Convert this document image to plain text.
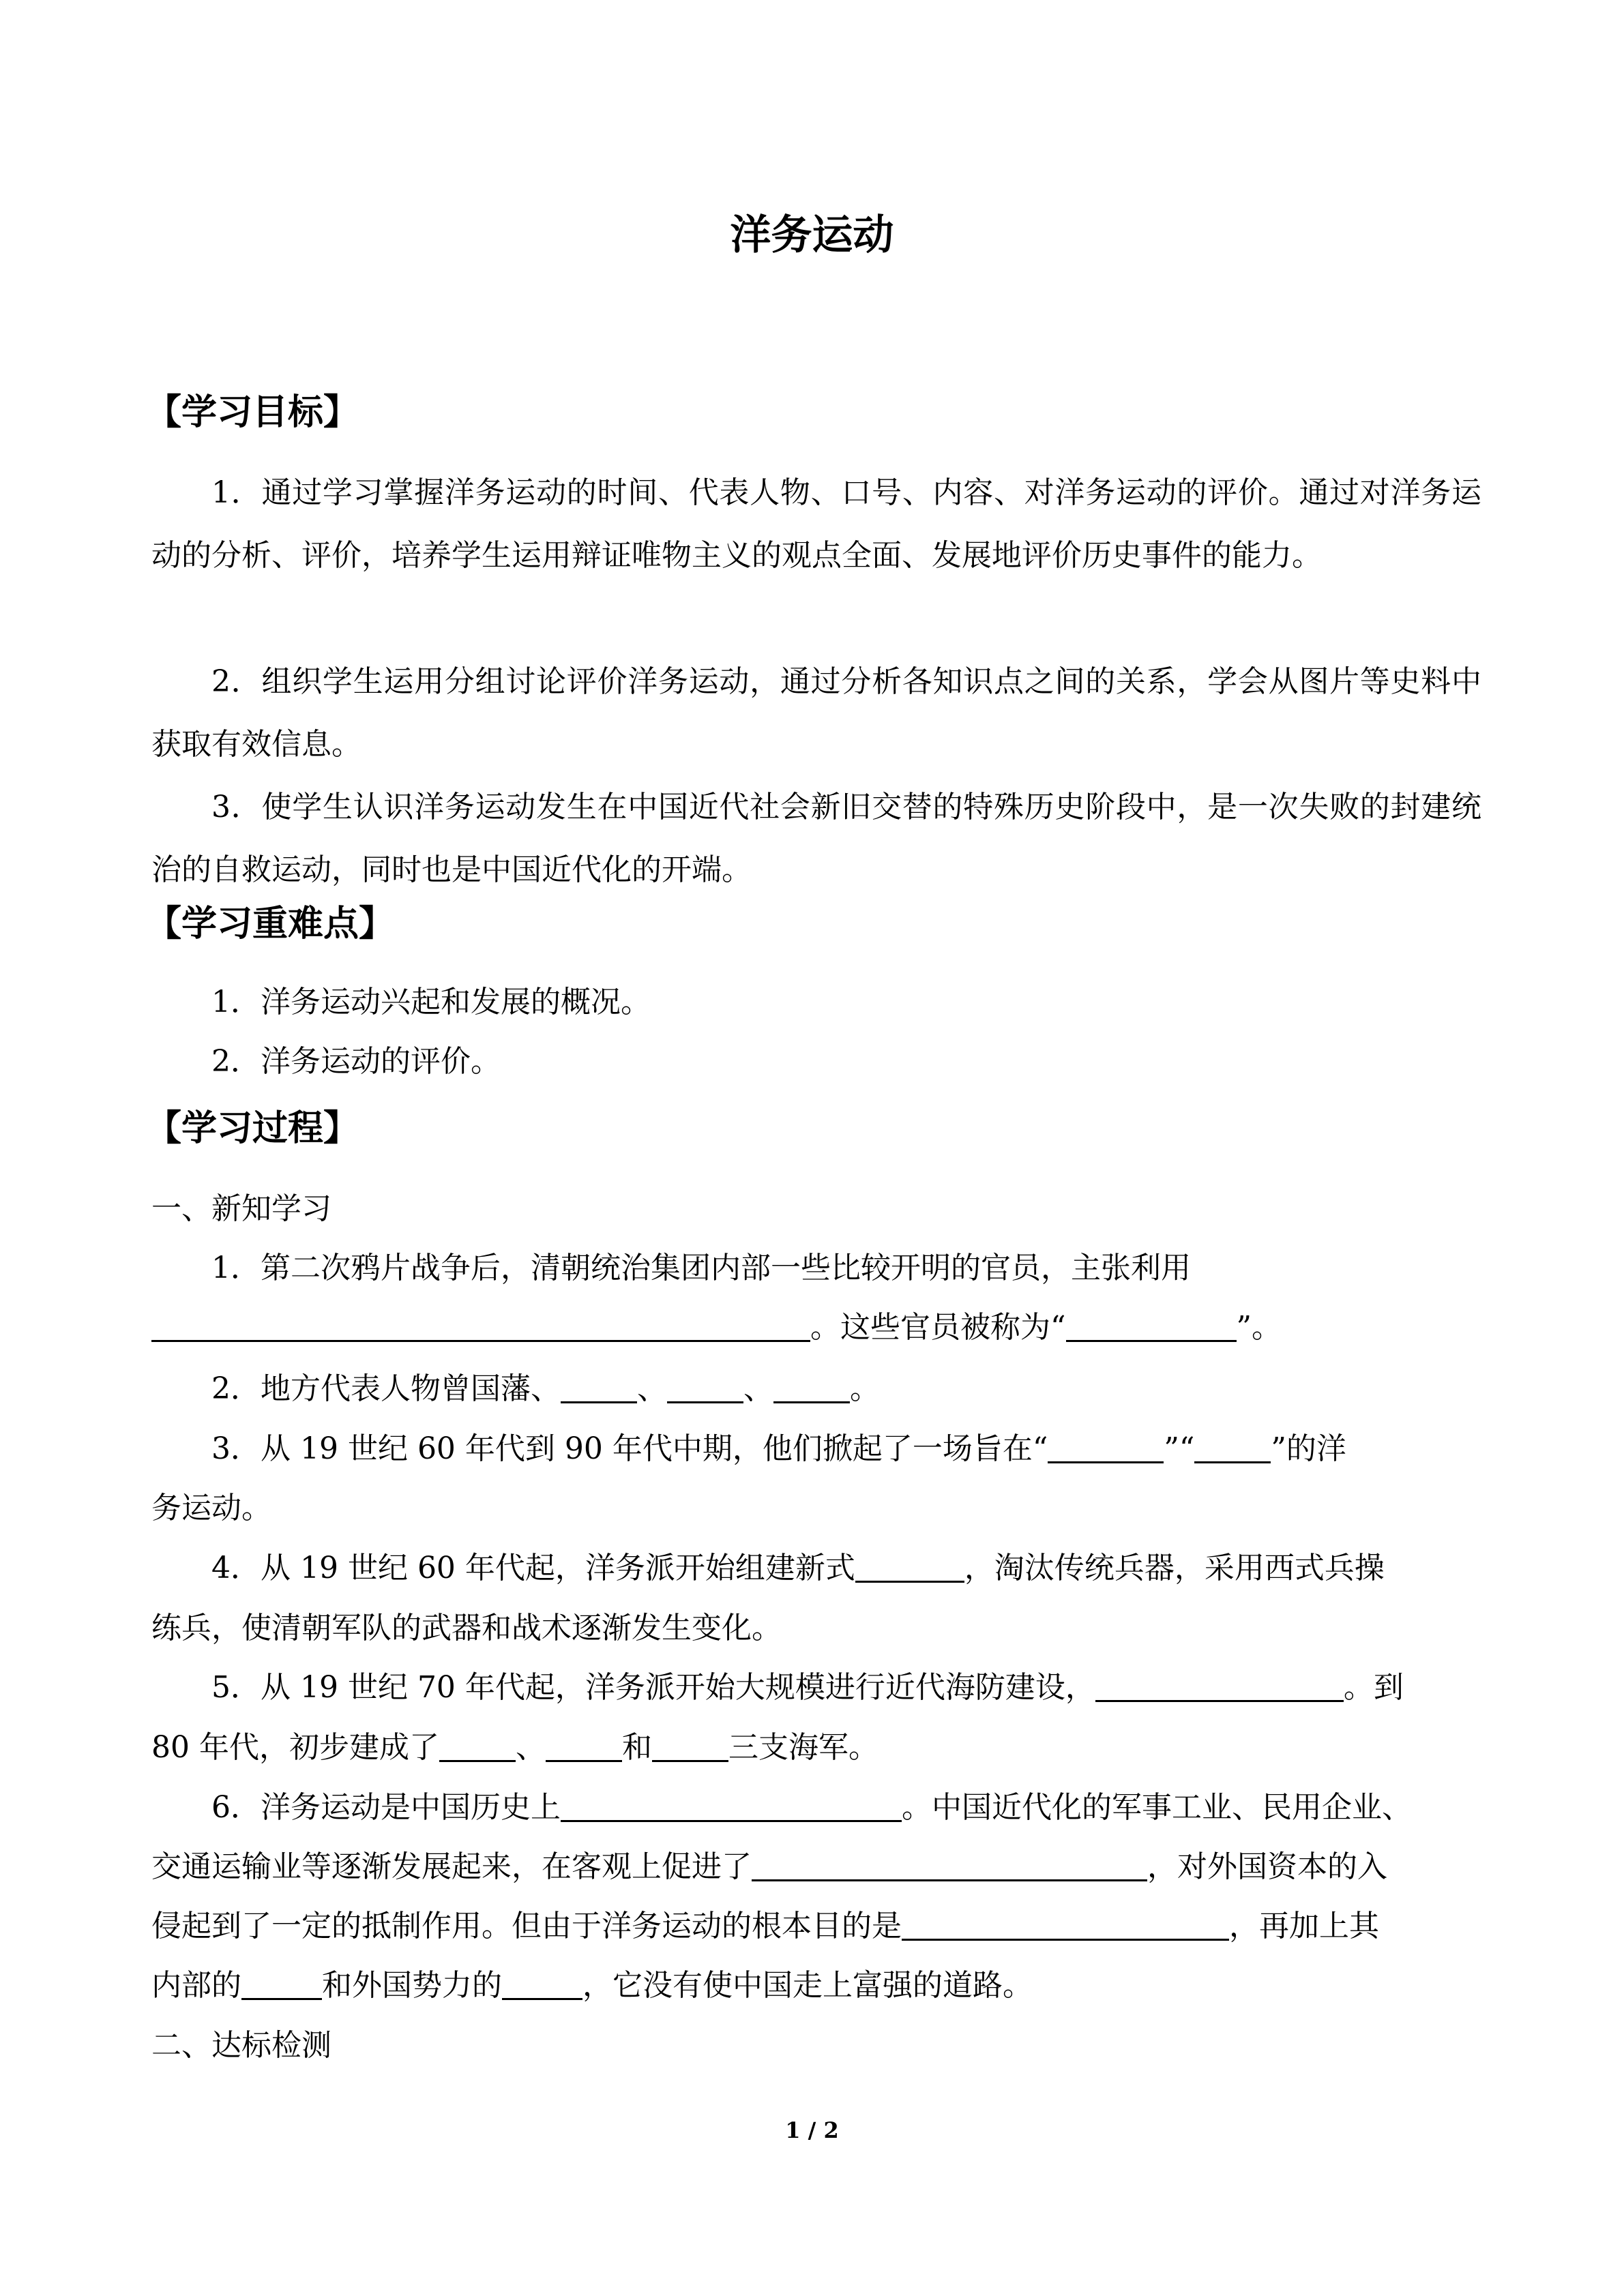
洋务运动
【学习目标】
1．通过学习掌握洋务运动的时间、代表人物、口号、内容、对洋务运动的评价。通过对洋务运动的分析、评价，培养学生运用辩证唯物主义的观点全面、发展地评价历史事件的能力。
2．组织学生运用分组讨论评价洋务运动，通过分析各知识点之间的关系，学会从图片等史料中获取有效信息。
3．使学生认识洋务运动发生在中国近代社会新旧交替的特殊历史阶段中，是一次失败的封建统治的自救运动，同时也是中国近代化的开端。
【学习重难点】
1．洋务运动兴起和发展的概况。
2．洋务运动的评价。
【学习过程】
一、新知学习
1．第二次鸦片战争后，清朝统治集团内部一些比较开明的官员，主张利用
。这些官员被称为“	”。
2．地方代表人物曾国藩、	、	、	。
3．从 19 世纪 60 年代到 90 年代中期，他们掀起了一场旨在“	”“	”的洋
务运动。
4．从 19 世纪 60 年代起，洋务派开始组建新式	，淘汰传统兵器，采用西式兵操
练兵，使清朝军队的武器和战术逐渐发生变化。
5．从 19 世纪 70 年代起，洋务派开始大规模进行近代海防建设，	。到
80 年代，初步建成了	、	和	三支海军。
6．洋务运动是中国历史上	。中国近代化的军事工业、民用企业、
交通运输业等逐渐发展起来，在客观上促进了	，对外国资本的入
侵起到了一定的抵制作用。但由于洋务运动的根本目的是	，再加上其
内部的	和外国势力的	，它没有使中国走上富强的道路。
二、达标检测
1 / 2
